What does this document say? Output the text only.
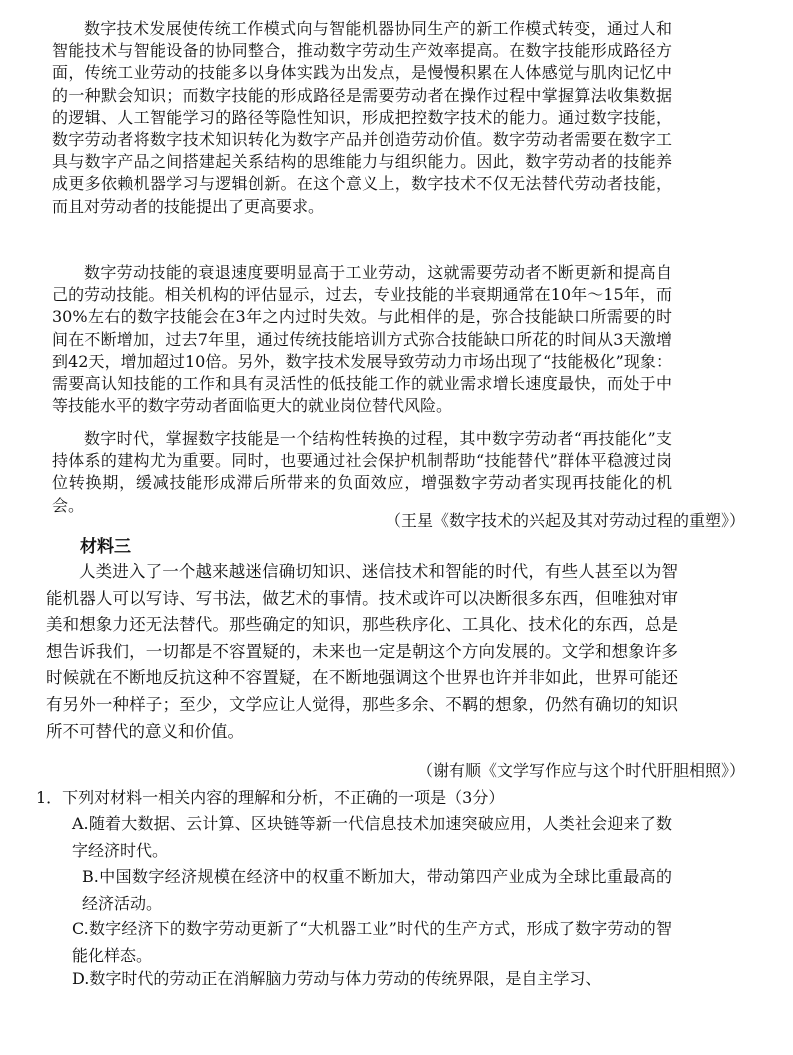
数字技术发展使传统工作模式向与智能机器协同生产的新工作模式转变，通过人和智能技术与智能设备的协同整合，推动数字劳动生产效率提高。在数字技能形成路径方面，传统工业劳动的技能多以身体实践为出发点，是慢慢积累在人体感觉与肌肉记忆中的一种默会知识；而数字技能的形成路径是需要劳动者在操作过程中掌握算法收集数据的逻辑、人工智能学习的路径等隐性知识，形成把控数字技术的能力。通过数字技能，数字劳动者将数字技术知识转化为数字产品并创造劳动价值。数字劳动者需要在数字工具与数字产品之间搭建起关系结构的思维能力与组织能力。因此，数字劳动者的技能养成更多依赖机器学习与逻辑创新。在这个意义上，数字技术不仅无法替代劳动者技能，而且对劳动者的技能提出了更高要求。

数字劳动技能的衰退速度要明显高于工业劳动，这就需要劳动者不断更新和提高自己的劳动技能。相关机构的评估显示，过去，专业技能的半衰期通常在10年～15年，而30%左右的数字技能会在3年之内过时失效。与此相伴的是，弥合技能缺口所需要的时间在不断增加，过去7年里，通过传统技能培训方式弥合技能缺口所花的时间从3天激增到42天，增加超过10倍。另外，数字技术发展导致劳动力市场出现了“技能极化”现象：需要高认知技能的工作和具有灵活性的低技能工作的就业需求增长速度最快，而处于中等技能水平的数字劳动者面临更大的就业岗位替代风险。

数字时代，掌握数字技能是一个结构性转换的过程，其中数字劳动者“再技能化”支持体系的建构尤为重要。同时，也要通过社会保护机制帮助“技能替代”群体平稳渡过岗位转换期，缓减技能形成滞后所带来的负面效应，增强数字劳动者实现再技能化的机会。

（王星《数字技术的兴起及其对劳动过程的重塑》）

材料三

人类进入了一个越来越迷信确切知识、迷信技术和智能的时代，有些人甚至以为智能机器人可以写诗、写书法，做艺术的事情。技术或许可以决断很多东西，但唯独对审美和想象力还无法替代。那些确定的知识，那些秩序化、工具化、技术化的东西，总是想告诉我们，一切都是不容置疑的，未来也一定是朝这个方向发展的。文学和想象许多时候就在不断地反抗这种不容置疑，在不断地强调这个世界也许并非如此，世界可能还有另外一种样子；至少，文学应让人觉得，那些多余、不羁的想象，仍然有确切的知识所不可替代的意义和价值。

（谢有顺《文学写作应与这个时代肝胆相照》）

1．下列对材料一相关内容的理解和分析，不正确的一项是（3分）

A.随着大数据、云计算、区块链等新一代信息技术加速突破应用，人类社会迎来了数字经济时代。

B.中国数字经济规模在经济中的权重不断加大，带动第四产业成为全球比重最高的经济活动。

C.数字经济下的数字劳动更新了“大机器工业”时代的生产方式，形成了数字劳动的智能化样态。

D.数字时代的劳动正在消解脑力劳动与体力劳动的传统界限，是自主学习、
